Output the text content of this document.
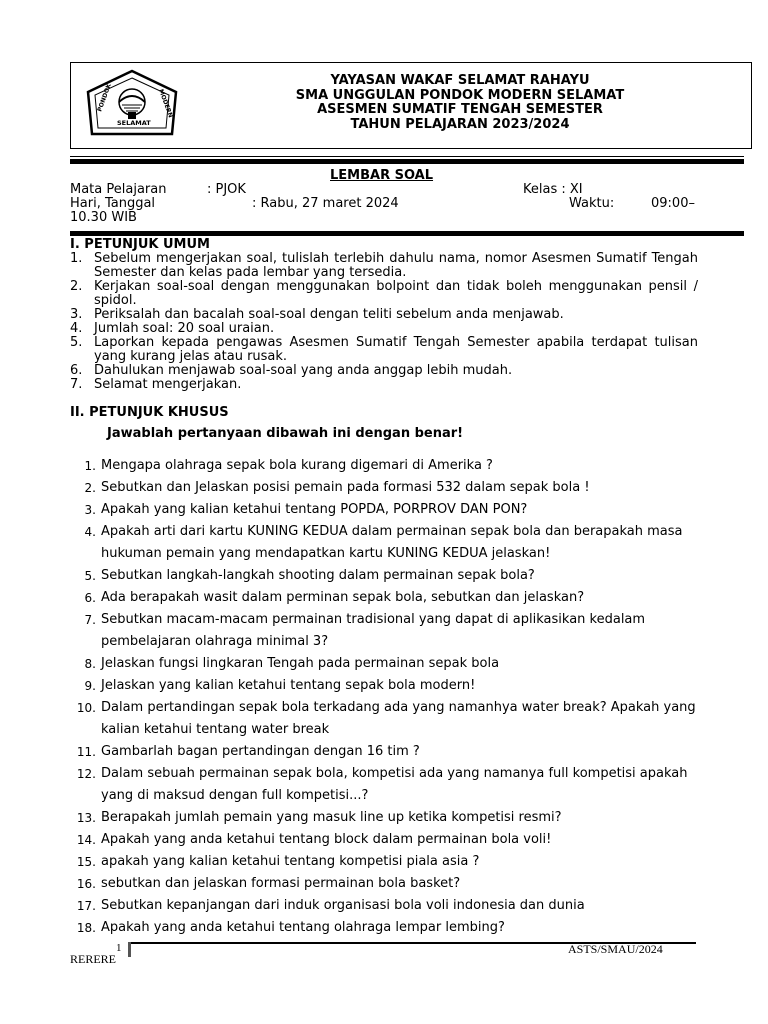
PONDOK	MODERN
SELAMAT
YAYASAN WAKAF SELAMAT RAHAYU
SMA UNGGULAN PONDOK MODERN SELAMAT
ASESMEN SUMATIF TENGAH SEMESTER
TAHUN PELAJARAN 2023/2024
LEMBAR SOAL
Mata Pelajaran	: PJOK	Kelas : XI
Hari, Tanggal	: Rabu, 27 maret 2024	Waktu:	09:00–
10.30 WIB
I. PETUNJUK UMUM
1. Sebelum mengerjakan soal, tulislah terlebih dahulu nama, nomor Asesmen Sumatif Tengah Semester dan kelas pada lembar yang tersedia.
2. Kerjakan soal-soal dengan menggunakan bolpoint dan tidak boleh menggunakan pensil / spidol.
3. Periksalah dan bacalah soal-soal dengan teliti sebelum anda menjawab.
4. Jumlah soal: 20 soal uraian.
5. Laporkan kepada pengawas Asesmen Sumatif Tengah Semester apabila terdapat tulisan yang kurang jelas atau rusak.
6. Dahulukan menjawab soal-soal yang anda anggap lebih mudah.
7. Selamat mengerjakan.
II. PETUNJUK KHUSUS
Jawablah pertanyaan dibawah ini dengan benar!
1. Mengapa olahraga sepak bola kurang digemari di Amerika ?
2. Sebutkan dan Jelaskan posisi pemain pada formasi 532 dalam sepak bola !
3. Apakah yang kalian ketahui tentang POPDA, PORPROV DAN PON?
4. Apakah arti dari kartu KUNING KEDUA dalam permainan sepak bola dan berapakah masa hukuman pemain yang mendapatkan kartu KUNING KEDUA jelaskan!
5. Sebutkan langkah-langkah shooting dalam permainan sepak bola?
6. Ada berapakah wasit dalam perminan sepak bola, sebutkan dan jelaskan?
7. Sebutkan macam-macam permainan tradisional yang dapat di aplikasikan kedalam pembelajaran olahraga minimal 3?
8. Jelaskan fungsi lingkaran Tengah pada permainan sepak bola
9. Jelaskan yang kalian ketahui tentang sepak bola modern!
10. Dalam pertandingan sepak bola terkadang ada yang namanhya water break? Apakah yang kalian ketahui tentang water break
11. Gambarlah bagan pertandingan dengan 16 tim ?
12. Dalam sebuah permainan sepak bola, kompetisi ada yang namanya full kompetisi apakah yang di maksud dengan full kompetisi...?
13. Berapakah jumlah pemain yang masuk line up ketika kompetisi resmi?
14. Apakah yang anda ketahui tentang block dalam permainan bola voli!
15. apakah yang kalian ketahui tentang kompetisi piala asia ?
16. sebutkan dan jelaskan formasi permainan bola basket?
17. Sebutkan kepanjangan dari induk organisasi bola voli indonesia dan dunia
18. Apakah yang anda ketahui tentang olahraga lempar lembing?
1
RERERE
ASTS/SMAU/2024
